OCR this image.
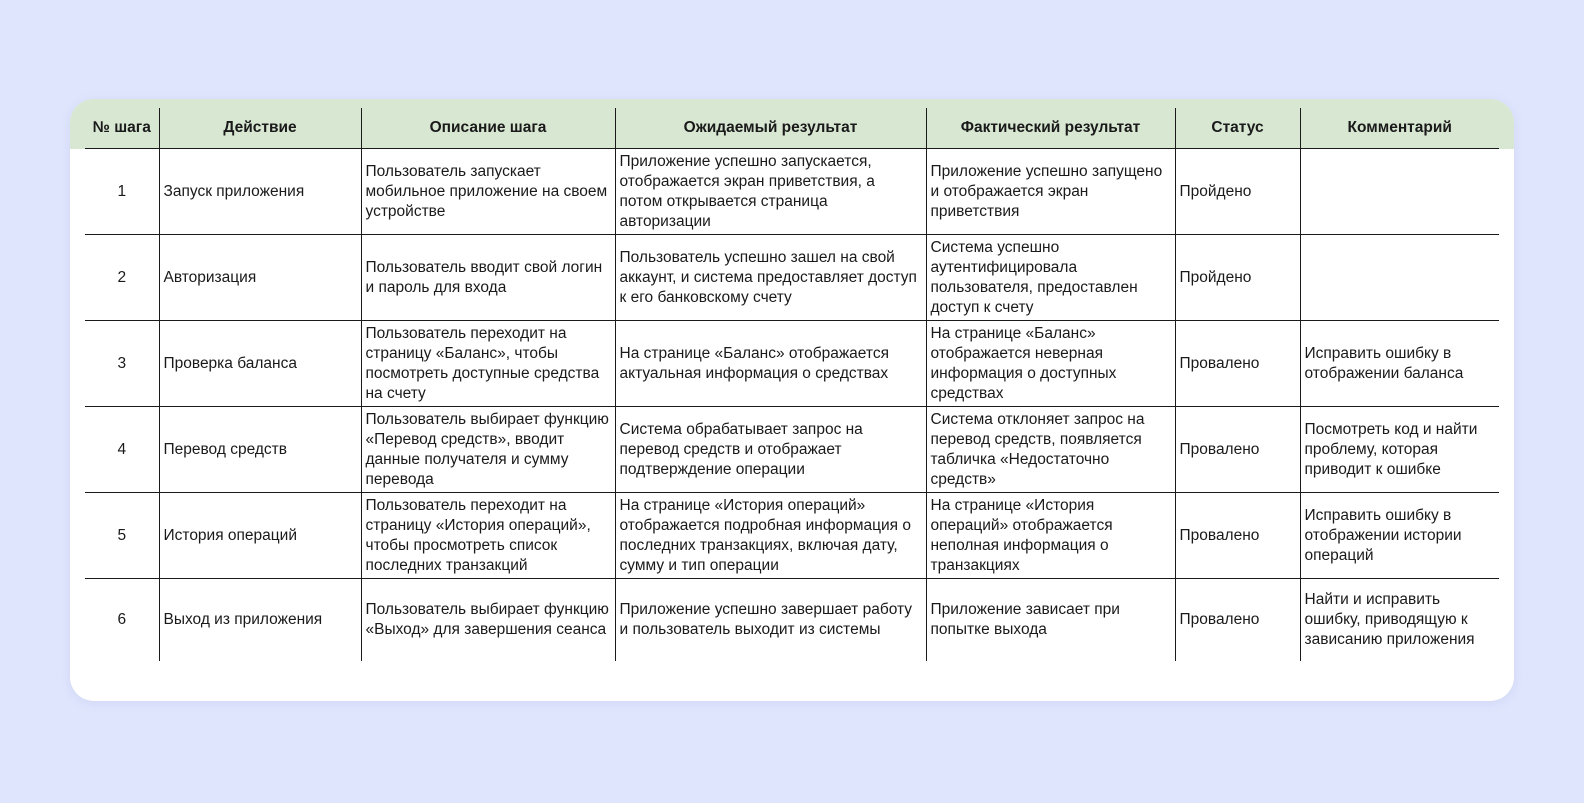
№ шага	Действие	Описание шага	Ожидаемый результат	Фактический результат	Статус	Комментарий
1	Запуск приложения	Пользователь запускает мобильное приложение на своем устройстве	Приложение успешно запускается, отображается экран приветствия, а потом открывается страница авторизации	Приложение успешно запущено и отображается экран приветствия	Пройдено	
2	Авторизация	Пользователь вводит свой логин и пароль для входа	Пользователь успешно зашел на свой аккаунт, и система предоставляет доступ к его банковскому счету	Система успешно аутентифицировала пользователя, предоставлен доступ к счету	Пройдено	
3	Проверка баланса	Пользователь переходит на страницу «Баланс», чтобы посмотреть доступные средства на счету	На странице «Баланс» отображается актуальная информация о средствах	На странице «Баланс» отображается неверная информация о доступных средствах	Провалено	Исправить ошибку в отображении баланса
4	Перевод средств	Пользователь выбирает функцию «Перевод средств», вводит данные получателя и сумму перевода	Система обрабатывает запрос на перевод средств и отображает подтверждение операции	Система отклоняет запрос на перевод средств, появляется табличка «Недостаточно средств»	Провалено	Посмотреть код и найти проблему, которая приводит к ошибке
5	История операций	Пользователь переходит на страницу «История операций», чтобы просмотреть список последних транзакций	На странице «История операций» отображается подробная информация о последних транзакциях, включая дату, сумму и тип операции	На странице «История операций» отображается неполная информация о транзакциях	Провалено	Исправить ошибку в отображении истории операций
6	Выход из приложения	Пользователь выбирает функцию «Выход» для завершения сеанса	Приложение успешно завершает работу и пользователь выходит из системы	Приложение зависает при попытке выхода	Провалено	Найти и исправить ошибку, приводящую к зависанию приложения
